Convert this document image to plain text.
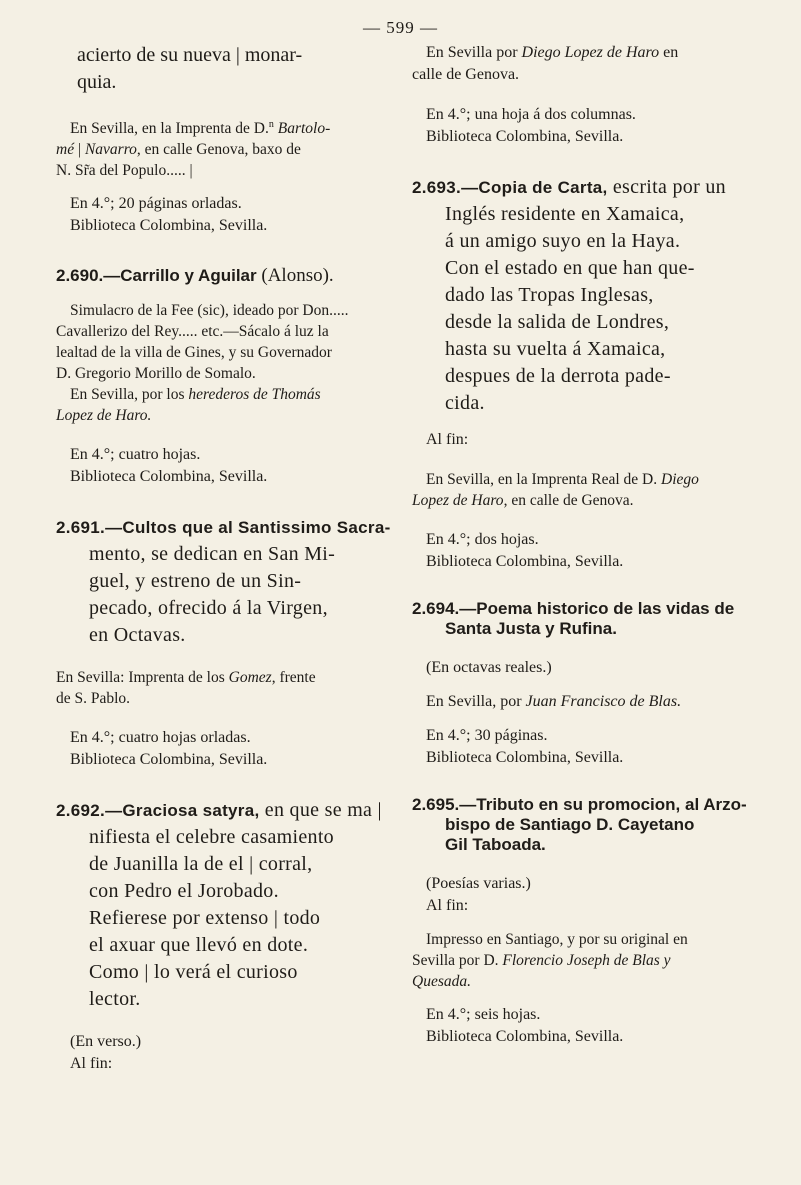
— 599 —
acierto de su nueva | monar-
quia.

En Sevilla, en la Imprenta de D.$^n$ Bartolo-

mé | Navarro, en calle Genova, baxo de

N. Sr̃a del Populo..... |

En 4.°; 20 páginas orladas.

Biblioteca Colombina, Sevilla.

2.690.—Carrillo y Aguilar (Alonso).

Simulacro de la Fee (sic), ideado por Don.....

Cavallerizo del Rey..... etc.—Sácalo á luz la

lealtad de la villa de Gines, y su Governador

D. Gregorio Morillo de Somalo.

En Sevilla, por los herederos de Thomás

Lopez de Haro.

En 4.°; cuatro hojas.

Biblioteca Colombina, Sevilla.

2.691.—Cultos que al Santissimo Sacra-
mento, se dedican en San Mi-
guel, y estreno de un Sin-
pecado, ofrecido á la Virgen,
en Octavas.

En Sevilla: Imprenta de los Gomez, frente

de S. Pablo.

En 4.°; cuatro hojas orladas.

Biblioteca Colombina, Sevilla.

2.692.—Graciosa satyra, en que se ma |
nifiesta el celebre casamiento
de Juanilla la de el | corral,
con Pedro el Jorobado.
Refierese por extenso | todo
el axuar que llevó en dote.
Como | lo verá el curioso
lector.

(En verso.)

Al fin:

En Sevilla por Diego Lopez de Haro en

calle de Genova.

En 4.°; una hoja á dos columnas.

Biblioteca Colombina, Sevilla.

2.693.—Copia de Carta, escrita por un
Inglés residente en Xamaica,
á un amigo suyo en la Haya.
Con el estado en que han que-
dado las Tropas Inglesas,
desde la salida de Londres,
hasta su vuelta á Xamaica,
despues de la derrota pade-
cida.

Al fin:

En Sevilla, en la Imprenta Real de D. Diego

Lopez de Haro, en calle de Genova.

En 4.°; dos hojas.

Biblioteca Colombina, Sevilla.

2.694.—Poema historico de las vidas de
Santa Justa y Rufina.

(En octavas reales.)

En Sevilla, por Juan Francisco de Blas.

En 4.°; 30 páginas.

Biblioteca Colombina, Sevilla.

2.695.—Tributo en su promocion, al Arzo-
bispo de Santiago D. Cayetano
Gil Taboada.

(Poesías varias.)

Al fin:

Impresso en Santiago, y por su original en

Sevilla por D. Florencio Joseph de Blas y

Quesada.

En 4.°; seis hojas.

Biblioteca Colombina, Sevilla.
